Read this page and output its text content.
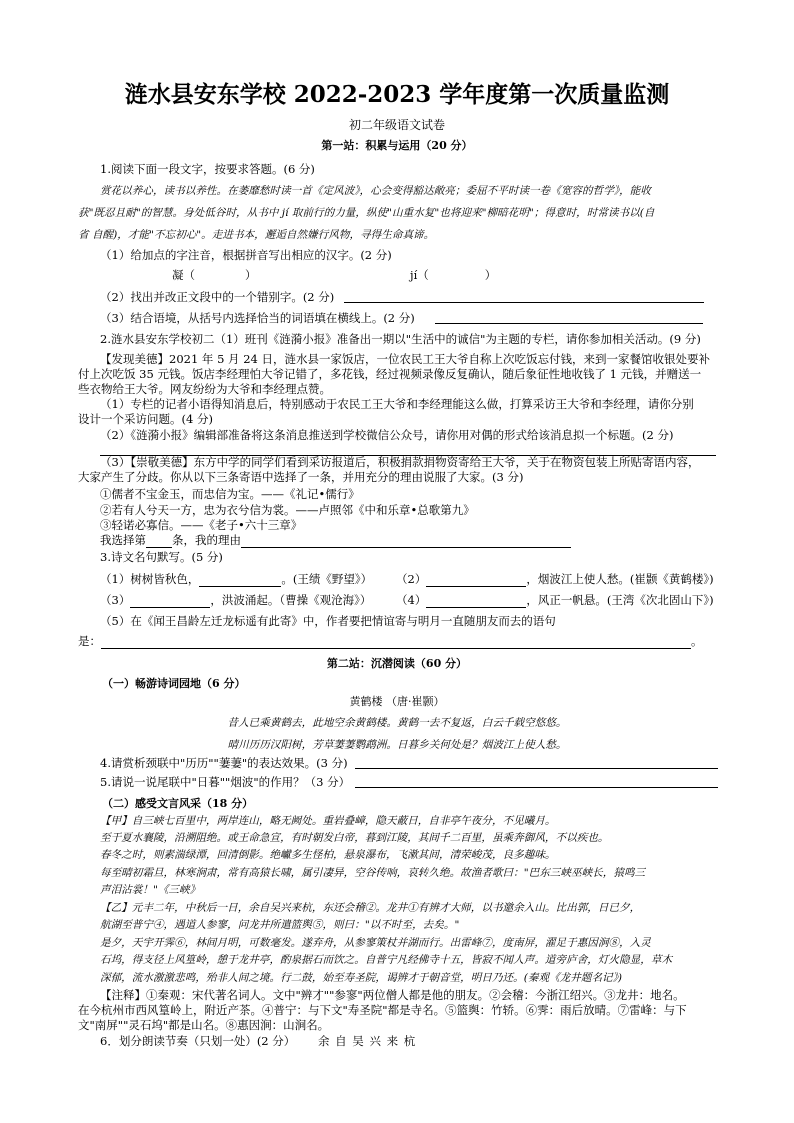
涟水县安东学校 2022-2023 学年度第一次质量监测
初二年级语文试卷
第一站：积累与运用（20 分）
1.阅读下面一段文字，按要求答题。(6 分)
赏花以养心，读书以养性。在萎靡愁时读一首《定风波》，心会变得豁达敞亮；委屈不平时读一卷《宽容的哲学》，能收
获"既忍且耐"的智慧。身处低谷时，从书中 jí 取前行的力量，纵使"山重水复"也将迎来"柳暗花明"；得意时，时常读书以(自
省 自醒)，才能"不忘初心"。走进书本，邂逅自然嫌行风物，寻得生命真谛。
（1）给加点的字注音，根据拼音写出相应的汉字。(2 分)
凝（	）	jí（	）
（2）找出并改正文段中的一个错别字。(2 分)
（3）结合语境，从括号内选择恰当的词语填在横线上。(2 分)
2.涟水县安东学校初二（1）班刊《涟漪小报》准备出一期以"生活中的诚信"为主题的专栏，请你参加相关活动。(9 分)
【发现美德】2021 年 5 月 24 日，涟水县一家饭店，一位农民工王大爷自称上次吃饭忘付钱，来到一家餐馆收银处要补
付上次吃饭 35 元钱。饭店李经理怕大爷记错了，多花钱，经过视频录像反复确认，随后象征性地收钱了 1 元钱，并赠送一
些衣物给王大爷。网友纷纷为大爷和李经理点赞。
（1）专栏的记者小语得知消息后，特别感动于农民工王大爷和李经理能这么做，打算采访王大爷和李经理，请你分别
设计一个采访问题。(4 分)
（2）《涟漪小报》编辑部准备将这条消息推送到学校微信公众号，请你用对偶的形式给该消息拟一个标题。(2 分)
（3）【崇敬美德】东方中学的同学们看到采访报道后，积极捐款捐物资寄给王大爷，关于在物资包装上所贴寄语内容，
大家产生了分歧。你从以下三条寄语中选择了一条，并用充分的理由说服了大家。(3 分)
①儒者不宝金玉，而忠信为宝。——《礼记•儒行》
②若有人兮天一方，忠为衣兮信为裳。——卢照邻《中和乐章•总歌第九》
③轻诺必寡信。——《老子•六十三章》
我选择第 条，我的理由
3.诗文名句默写。(5 分)
（1）树树皆秋色，	。(王绩《野望》） （2）	，烟波江上使人愁。(崔颢《黄鹤楼》)
（3）	，洪波涌起。（曹操《观沧海》） （4）	，风正一帆悬。(王湾《次北固山下》)
（5）在《闻王昌龄左迁龙标遥有此寄》中，作者要把情谊寄与明月一直随朋友而去的语句
是：	。
第二站：沉潜阅读（60 分）
（一）畅游诗词园地（6 分）
黄鹤楼 （唐·崔颢）
昔人已乘黄鹤去，此地空余黄鹤楼。黄鹤一去不复返，白云千载空悠悠。
晴川历历汉阳树，芳草萋萋鹦鹉洲。日暮乡关何处是？烟波江上使人愁。
4.请赏析颈联中"历历""萋萋"的表达效果。(3 分)
5.请说一说尾联中"日暮""烟波"的作用？（3 分）
（二）感受文言风采（18 分）
【甲】自三峡七百里中，两岸连山，略无阙处。重岩叠嶂，隐天蔽日，自非亭午夜分，不见曦月。
至于夏水襄陵，沿溯阻绝。或王命急宣，有时朝发白帝，暮到江陵，其间千二百里，虽乘奔御风，不以疾也。
春冬之时，则素湍绿潭，回清倒影。绝巘多生怪柏，悬泉瀑布，飞漱其间，清荣峻茂，良多趣味。
每至晴初霜旦，林寒涧肃，常有高猿长啸，属引凄异，空谷传响，哀转久绝。故渔者歌曰："巴东三峡巫峡长，猿鸣三
声泪沾裳！"《三峡》
【乙】元丰二年，中秋后一日，余自吴兴来杭，东还会稽②。龙井①有辨才大师，以书邀余入山。比出郭，日已夕，
航湖至普宁④，遇道人参寥，问龙井所遣篮舆⑤，则曰："以不时至，去矣。"
是夕，天宇开霁⑥，林间月明，可数毫发。遂弃舟，从参寥策杖并湖而行。出雷峰⑦，度南屏，濯足于惠因涧⑧，入灵
石坞，得支径上风篁岭，憩于龙井亭，酌泉据石而饮之。自普宁凡经佛寺十五，皆寂不闻人声。道旁庐舍，灯火隐显，草木
深郁，流水激激悲鸣，殆非人间之境。行二鼓，始至寿圣院，谒辨才于朝音堂，明日乃还。(秦观《龙井题名记》)
【注释】①秦观：宋代著名词人。文中"辨才""参寥"两位僧人都是他的朋友。②会稽：今浙江绍兴。③龙井：地名。
在今杭州市西风篁岭上，附近产茶。④普宁：与下文"寿圣院"都是寺名。⑤篮舆：竹轿。⑥霁：雨后放晴。⑦雷峰：与下
文"南屏""灵石坞"都是山名。⑧惠因涧：山涧名。
6．划分朗读节奏（只划一处）(2 分） 余 自 吴 兴 来 杭
